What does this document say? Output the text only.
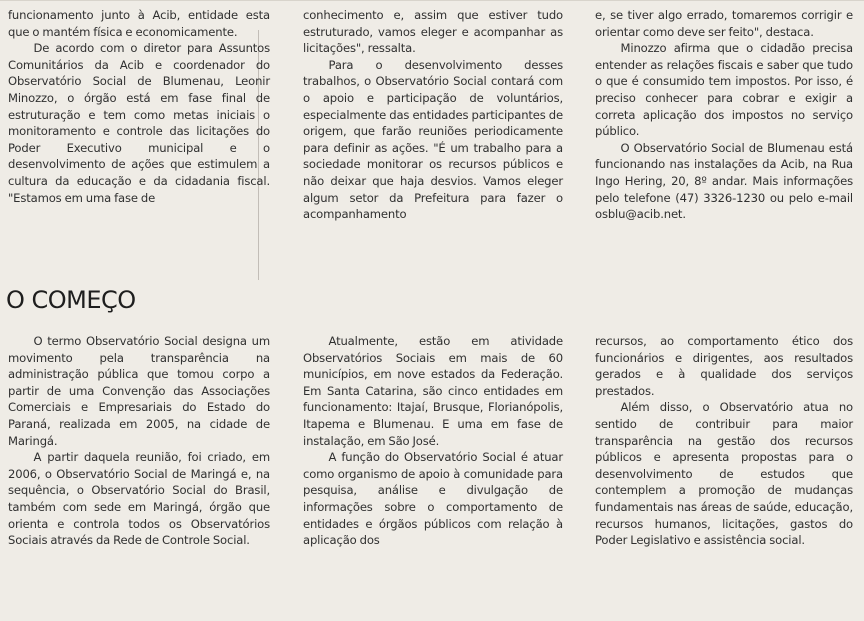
funcionamento junto à Acib, entidade esta que o mantém física e economicamente.

De acordo com o diretor para Assuntos Comunitários da Acib e coordenador do Observatório Social de Blumenau, Leonir Minozzo, o órgão está em fase final de estruturação e tem como metas iniciais o monitoramento e controle das licitações do Poder Executivo municipal e o desenvolvimento de ações que estimulem a cultura da educação e da cidadania fiscal. "Estamos em uma fase de

conhecimento e, assim que estiver tudo estruturado, vamos eleger e acompanhar as licitações", ressalta.

Para o desenvolvimento desses trabalhos, o Observatório Social contará com o apoio e participação de voluntários, especialmente das entidades participantes de origem, que farão reuniões periodicamente para definir as ações. "É um trabalho para a sociedade monitorar os recursos públicos e não deixar que haja desvios. Vamos eleger algum setor da Prefeitura para fazer o acompanhamento

e, se tiver algo errado, tomaremos corrigir e orientar como deve ser feito", destaca.

Minozzo afirma que o cidadão precisa entender as relações fiscais e saber que tudo o que é consumido tem impostos. Por isso, é preciso conhecer para cobrar e exigir a correta aplicação dos impostos no serviço público.

O Observatório Social de Blumenau está funcionando nas instalações da Acib, na Rua Ingo Hering, 20, 8º andar. Mais informações pelo telefone (47) 3326-1230 ou pelo e-mail osblu@acib.net.

O COMEÇO

O termo Observatório Social designa um movimento pela transparência na administração pública que tomou corpo a partir de uma Convenção das Associações Comerciais e Empresariais do Estado do Paraná, realizada em 2005, na cidade de Maringá.

A partir daquela reunião, foi criado, em 2006, o Observatório Social de Maringá e, na sequência, o Observatório Social do Brasil, também com sede em Maringá, órgão que orienta e controla todos os Observatórios Sociais através da Rede de Controle Social.

Atualmente, estão em atividade Observatórios Sociais em mais de 60 municípios, em nove estados da Federação. Em Santa Catarina, são cinco entidades em funcionamento: Itajaí, Brusque, Florianópolis, Itapema e Blumenau. E uma em fase de instalação, em São José.

A função do Observatório Social é atuar como organismo de apoio à comunidade para pesquisa, análise e divulgação de informações sobre o comportamento de entidades e órgãos públicos com relação à aplicação dos

recursos, ao comportamento ético dos funcionários e dirigentes, aos resultados gerados e à qualidade dos serviços prestados.

Além disso, o Observatório atua no sentido de contribuir para maior transparência na gestão dos recursos públicos e apresenta propostas para o desenvolvimento de estudos que contemplem a promoção de mudanças fundamentais nas áreas de saúde, educação, recursos humanos, licitações, gastos do Poder Legislativo e assistência social.
